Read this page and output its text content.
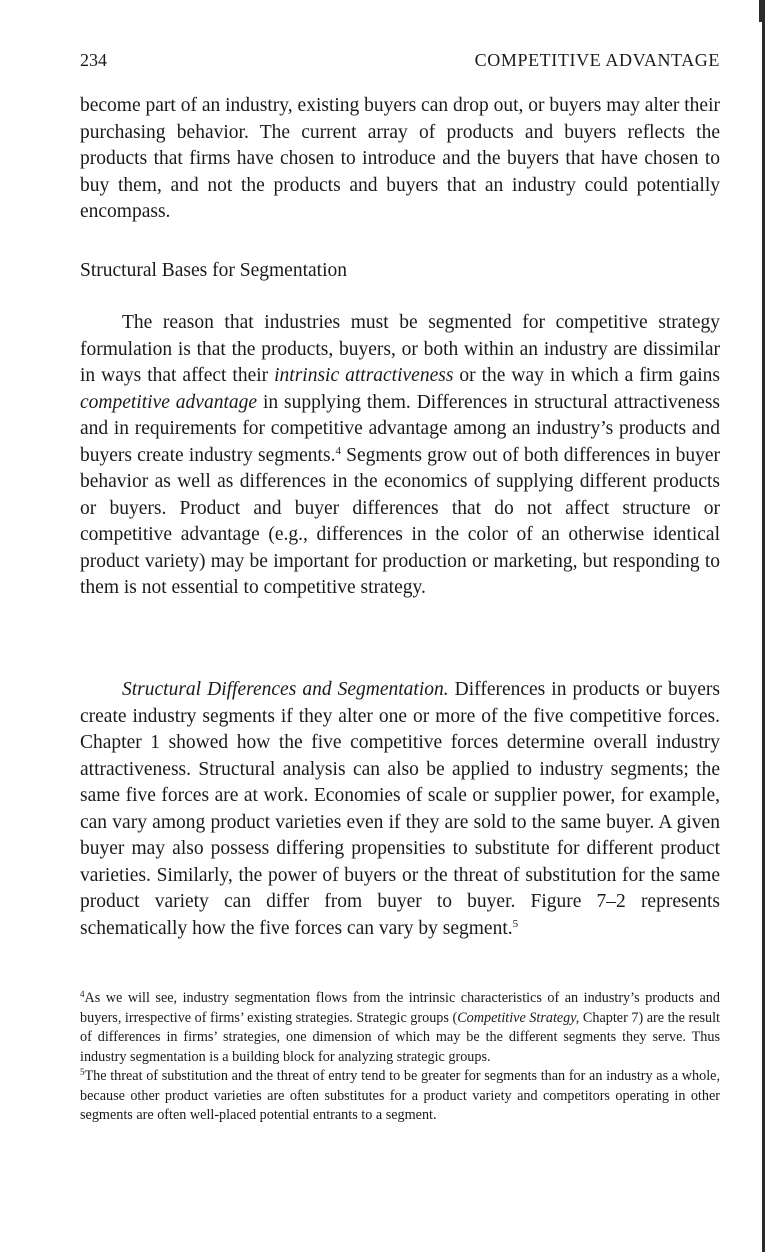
234	COMPETITIVE ADVANTAGE

become part of an industry, existing buyers can drop out, or buyers may alter their purchasing behavior. The current array of products and buyers reflects the products that firms have chosen to introduce and the buyers that have chosen to buy them, and not the products and buyers that an industry could potentially encompass.

Structural Bases for Segmentation

The reason that industries must be segmented for competitive strategy formulation is that the products, buyers, or both within an industry are dissimilar in ways that affect their intrinsic attractiveness or the way in which a firm gains competitive advantage in supplying them. Differences in structural attractiveness and in requirements for competitive advantage among an industry’s products and buyers create industry segments.$^4$ Segments grow out of both differences in buyer behavior as well as differences in the economics of supplying different products or buyers. Product and buyer differences that do not affect structure or competitive advantage (e.g., differences in the color of an otherwise identical product variety) may be important for production or marketing, but responding to them is not essential to competitive strategy.

Structural Differences and Segmentation. Differences in products or buyers create industry segments if they alter one or more of the five competitive forces. Chapter 1 showed how the five competitive forces determine overall industry attractiveness. Structural analysis can also be applied to industry segments; the same five forces are at work. Economies of scale or supplier power, for example, can vary among product varieties even if they are sold to the same buyer. A given buyer may also possess differing propensities to substitute for different product varieties. Similarly, the power of buyers or the threat of substitution for the same product variety can differ from buyer to buyer. Figure 7–2 represents schematically how the five forces can vary by segment.$^5$

$^4$As we will see, industry segmentation flows from the intrinsic characteristics of an industry’s products and buyers, irrespective of firms’ existing strategies. Strategic groups (Competitive Strategy, Chapter 7) are the result of differences in firms’ strategies, one dimension of which may be the different segments they serve. Thus industry segmentation is a building block for analyzing strategic groups.

$^5$The threat of substitution and the threat of entry tend to be greater for segments than for an industry as a whole, because other product varieties are often substitutes for a product variety and competitors operating in other segments are often well-placed potential entrants to a segment.
